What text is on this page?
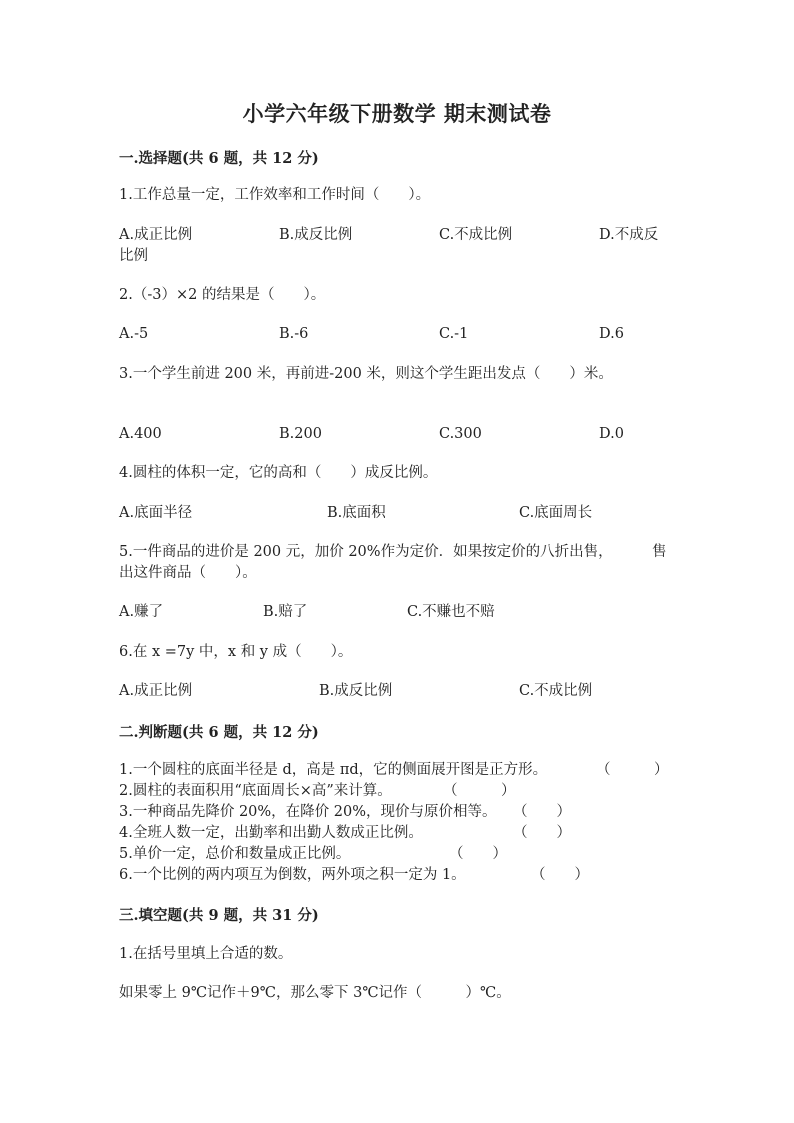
小学六年级下册数学 期末测试卷
一.选择题(共 6 题，共 12 分)
1.工作总量一定，工作效率和工作时间（　　）。
A.成正比例	B.成反比例	C.不成比例	D.不成反
比例
2.（-3）×2 的结果是（　　）。
A.-5	B.-6	C.-1	D.6
3.一个学生前进 200 米，再前进-200 米，则这个学生距出发点（　　）米。
A.400	B.200	C.300	D.0
4.圆柱的体积一定，它的高和（　　）成反比例。
A.底面半径	B.底面积	C.底面周长
5.一件商品的进价是 200 元，加价 20%作为定价．如果按定价的八折出售，	售
出这件商品（　　）。
A.赚了	B.赔了	C.不赚也不赔
6.在 x =7y 中，x 和 y 成（　　）。
A.成正比例	B.成反比例	C.不成比例
二.判断题(共 6 题，共 12 分)
1.一个圆柱的底面半径是 d，高是 πd，它的侧面展开图是正方形。	（　　　）
2.圆柱的表面积用“底面周长×高”来计算。	（　　　）
3.一种商品先降价 20%，在降价 20%，现价与原价相等。 （　　）
4.全班人数一定，出勤率和出勤人数成正比例。	（　　）
5.单价一定，总价和数量成正比例。	（　　）
6.一个比例的两内项互为倒数，两外项之积一定为 1。	（　　）
三.填空题(共 9 题，共 31 分)
1.在括号里填上合适的数。
如果零上 9℃记作＋9℃，那么零下 3℃记作（　　　）℃。
